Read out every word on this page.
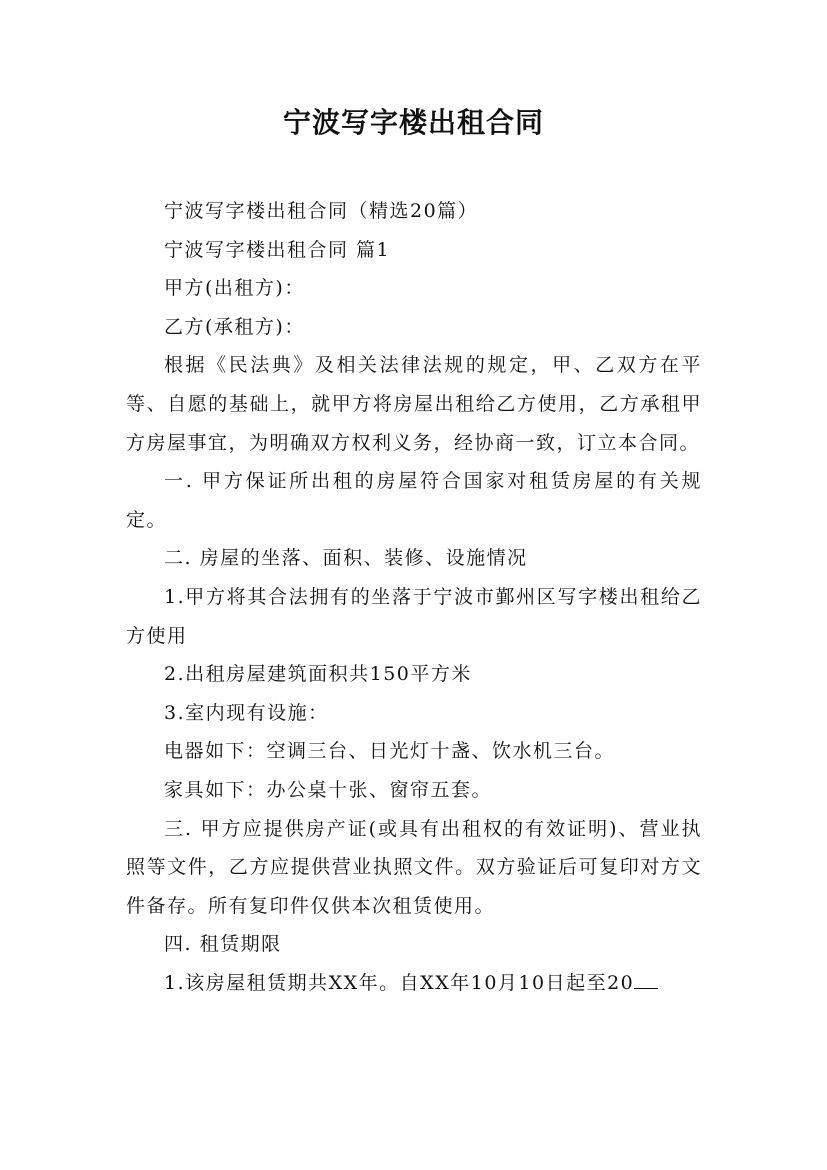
宁波写字楼出租合同

宁波写字楼出租合同（精选20篇）

宁波写字楼出租合同 篇1

甲方(出租方)：

乙方(承租方)：

根据《民法典》及相关法律法规的规定，甲、乙双方在平等、自愿的基础上，就甲方将房屋出租给乙方使用，乙方承租甲方房屋事宜，为明确双方权利义务，经协商一致，订立本合同。

一. 甲方保证所出租的房屋符合国家对租赁房屋的有关规定。

二. 房屋的坐落、面积、装修、设施情况

1.甲方将其合法拥有的坐落于宁波市鄞州区写字楼出租给乙方使用

2.出租房屋建筑面积共150平方米

3.室内现有设施：

电器如下：空调三台、日光灯十盏、饮水机三台。

家具如下：办公桌十张、窗帘五套。

三. 甲方应提供房产证(或具有出租权的有效证明)、营业执照等文件，乙方应提供营业执照文件。双方验证后可复印对方文件备存。所有复印件仅供本次租赁使用。

四. 租赁期限

1.该房屋租赁期共XX年。自XX年10月10日起至20
